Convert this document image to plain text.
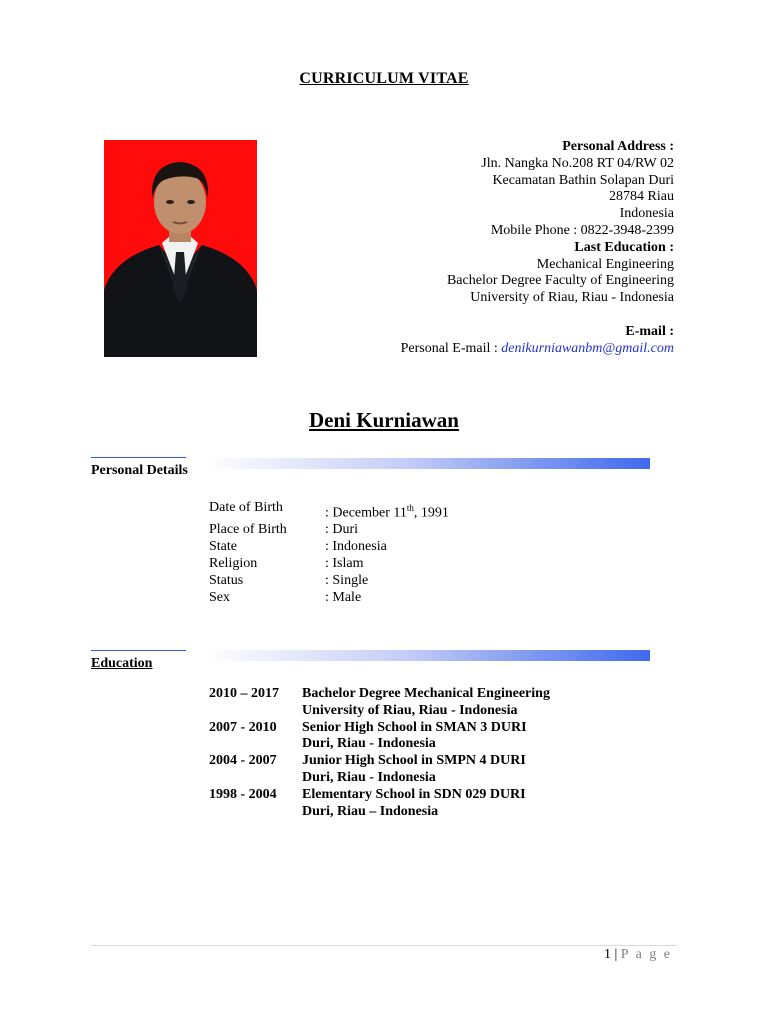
CURRICULUM VITAE
Personal Address :
Jln. Nangka No.208 RT 04/RW 02
Kecamatan Bathin Solapan Duri
28784 Riau
Indonesia
Mobile Phone : 0822-3948-2399
Last Education :
Mechanical Engineering
Bachelor Degree Faculty of Engineering
University of Riau, Riau - Indonesia
E-mail :
Personal E-mail : denikurniawanbm@gmail.com
Deni Kurniawan
Personal Details
Date of Birth	: December 11th, 1991
Place of Birth	: Duri
State	: Indonesia
Religion	: Islam
Status	: Single
Sex	: Male
Education
2010 – 2017	Bachelor Degree Mechanical Engineering
University of Riau, Riau - Indonesia
2007 - 2010	Senior High School in SMAN 3 DURI
Duri, Riau - Indonesia
2004 - 2007	Junior High School in SMPN 4 DURI
Duri, Riau - Indonesia
1998 - 2004	Elementary School in SDN 029 DURI
Duri, Riau – Indonesia
1 | P a g e
